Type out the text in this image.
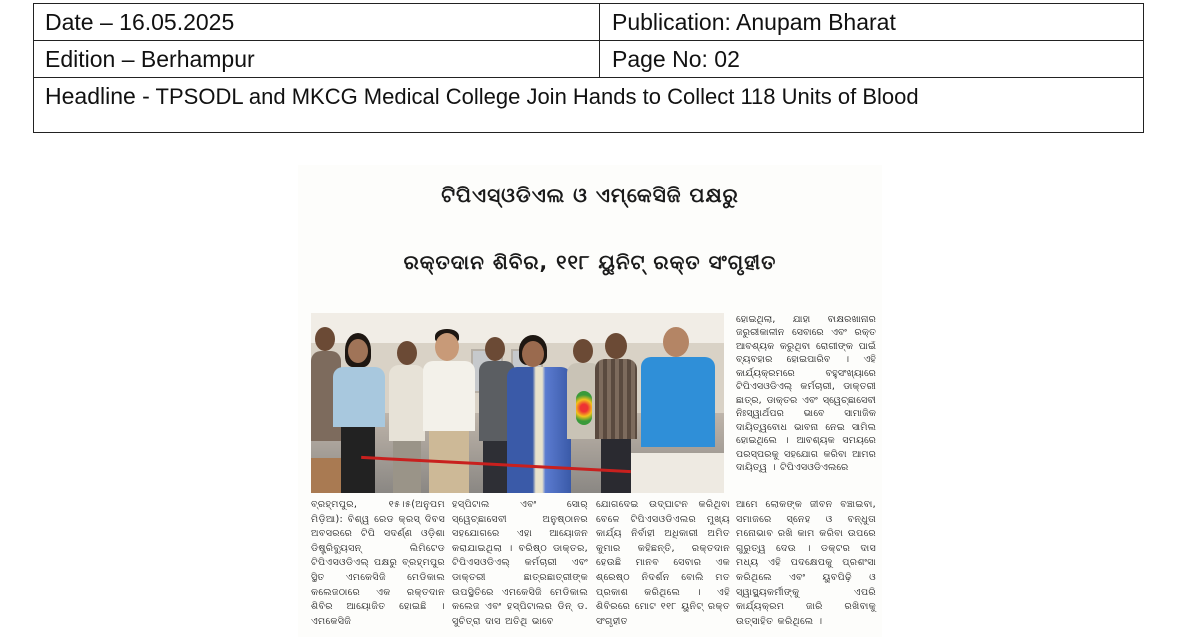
Date – 16.05.2025	Publication: Anupam Bharat
Edition – Berhampur	Page No: 02
Headline - TPSODL and MKCG Medical College Join Hands to Collect 118 Units of Blood
ଟିପିଏସ୍ଓଡିଏଲ ଓ ଏମ୍‌କେସିଜି ପକ୍ଷରୁ
ରକ୍ତଦାନ ଶିବିର, ୧୧୮ ୟୁନିଟ୍ ରକ୍ତ ସଂଗୃହୀତ
ହୋଇଥିଲା, ଯାହା ବାକ୍ଷରଖାନାର ଜରୁରୀକାଳୀନ ସେବାରେ ଏବଂ ରକ୍ତ ଆବଶ୍ୟକ କରୁଥିବା ରୋଗୀଙ୍କ ପାଇଁ ବ୍ୟବହାର ହୋଇପାରିବ । ଏହି କାର୍ଯ୍ୟକ୍ରମରେ ବହୁସଂଖ୍ୟାରେ ଟିପିଏସଓଡିଏଲ୍ କର୍ମଚାରୀ, ଡାକ୍ତରୀ ଛାତ୍ର, ଡାକ୍ତର ଏବଂ ସ୍ୱେଚ୍ଛାସେବୀ ନିଃସ୍ୱାର୍ଥପର ଭାବେ ସାମାଜିକ ଦାୟିତ୍ୱବୋଧ ଭାବନା ନେଇ ସାମିଲ ହୋଇଥିଲେ । ଆବଶ୍ୟକ ସମୟରେ ପରସ୍ପରକୁ ସହଯୋଗ କରିବା ଆମର ଦାୟିତ୍ୱ । ଟିପିଏସଓଡିଏଲରେ
ବ୍ରହ୍ମପୁର, ୧୫।୫(ଅନୁପମ ମିଡ଼ିଆ): ବିଶ୍ୱ ରେଡ କ୍ରସ୍ ଦିବସ ଅବସରରେ ଟିପି ସଦର୍ଣ୍ଣ ଓଡ଼ିଶା ଡିଷ୍ଟ୍ରିବ୍ୟୁସନ୍ ଲିମିଟେଡ ଟିପିଏସଓଡିଏଲ୍ ପକ୍ଷରୁ ବ୍ରହ୍ମପୁର ସ୍ଥିତ ଏମକେସିଜି ମେଡିକାଲ କଲେଜଠାରେ ଏକ ରକ୍ତଦାନ ଶିବିର ଆୟୋଜିତ ହୋଇଛି । ଏମକେସିଜି
ହସ୍ପିଟାଲ ଏବଂ ସୋର୍ ସ୍ୱେଚ୍ଛାସେବୀ ଅନୁଷ୍ଠାନର ସହଯୋଗରେ ଏହା ଆୟୋଜନ କରାଯାଇଥିଲା । ବରିଷ୍ଠ ଡାକ୍ତର, ଟିପିଏସଓଡିଏଲ୍ କର୍ମଚାରୀ ଏବଂ ଡାକ୍ତରୀ ଛାତ୍ରଛାତ୍ରୀଙ୍କ ଉପସ୍ଥିତିରେ ଏମକେସିଜି ମେଡିକାଲ କଲେଜ ଏବଂ ହସ୍ପିଟାଲର ଡିନ୍ ଡ. ସୁଚିତ୍ରା ଦାସ ଅତିଥି ଭାବେ
ଯୋଗଦେଇ ଉଦ୍‌ଘାଟନ କରିଥିବା ବେଳେ ଟିପିଏସଓଡିଏଲର ମୁଖ୍ୟ କାର୍ଯ୍ୟ ନିର୍ବାହୀ ଅଧିକାରୀ ଅମିତ କୁମାର କହିଛନ୍ତି, ରକ୍ତଦାନ ହେଉଛି ମାନବ ସେବାର ଏକ ଶ୍ରେଷ୍ଠ ନିଦର୍ଶନ ବୋଲି ମତ ପ୍ରକାଶ କରିଥିଲେ । ଏହି ଶିବିରରେ ମୋଟ ୧୧୮ ୟୁନିଟ୍ ରକ୍ତ ସଂଗୃହୀତ
ଆମେ ଲୋକଙ୍କ ଜୀବନ ବଞ୍ଚାଇବା, ସମାଜରେ ସ୍ନେହ ଓ ବନ୍ଧୁତା ମନୋଭାବ ରଖି କାମ କରିବା ଉପରେ ଗୁରୁତ୍ୱ ଦେଉ । ଡକ୍ଟର ଦାସ ମଧ୍ୟ ଏହି ପଦକ୍ଷେପକୁ ପ୍ରଶଂସା କରିଥିଲେ ଏବଂ ୟୁବପିଢ଼ି ଓ ସ୍ୱାସ୍ଥ୍ୟକର୍ମୀଙ୍କୁ ଏପରି କାର୍ଯ୍ୟକ୍ରମ ଜାରି ରଖିବାକୁ ଉତ୍ସାହିତ କରିଥିଲେ ।
